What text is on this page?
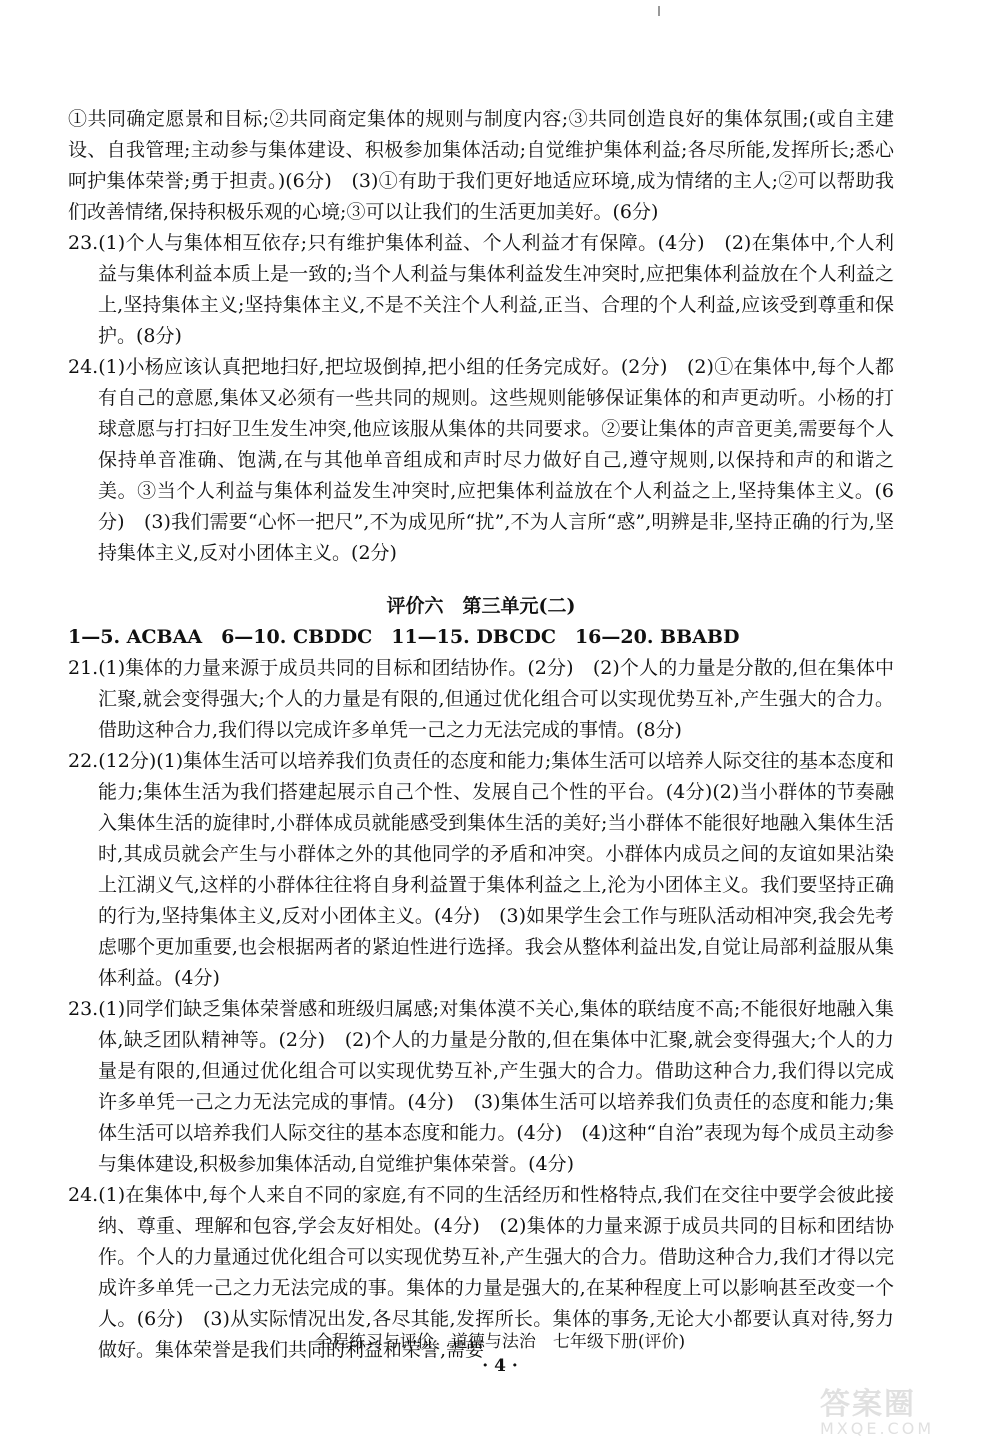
①共同确定愿景和目标;②共同商定集体的规则与制度内容;③共同创造良好的集体氛围;(或自主建设、自我管理;主动参与集体建设、积极参加集体活动;自觉维护集体利益;各尽所能,发挥所长;悉心呵护集体荣誉;勇于担责。)(6分)　(3)①有助于我们更好地适应环境,成为情绪的主人;②可以帮助我们改善情绪,保持积极乐观的心境;③可以让我们的生活更加美好。(6分)

23.(1)个人与集体相互依存;只有维护集体利益、个人利益才有保障。(4分)　(2)在集体中,个人利益与集体利益本质上是一致的;当个人利益与集体利益发生冲突时,应把集体利益放在个人利益之上,坚持集体主义;坚持集体主义,不是不关注个人利益,正当、合理的个人利益,应该受到尊重和保护。(8分)

24.(1)小杨应该认真把地扫好,把垃圾倒掉,把小组的任务完成好。(2分)　(2)①在集体中,每个人都有自己的意愿,集体又必须有一些共同的规则。这些规则能够保证集体的和声更动听。小杨的打球意愿与打扫好卫生发生冲突,他应该服从集体的共同要求。②要让集体的声音更美,需要每个人保持单音准确、饱满,在与其他单音组成和声时尽力做好自己,遵守规则,以保持和声的和谐之美。③当个人利益与集体利益发生冲突时,应把集体利益放在个人利益之上,坚持集体主义。(6分)　(3)我们需要“心怀一把尺”,不为成见所“扰”,不为人言所“惑”,明辨是非,坚持正确的行为,坚持集体主义,反对小团体主义。(2分)

评价六　第三单元(二)

1—5. ACBAA　6—10. CBDDC　11—15. DBCDC　16—20. BBABD

21.(1)集体的力量来源于成员共同的目标和团结协作。(2分)　(2)个人的力量是分散的,但在集体中汇聚,就会变得强大;个人的力量是有限的,但通过优化组合可以实现优势互补,产生强大的合力。借助这种合力,我们得以完成许多单凭一己之力无法完成的事情。(8分)

22.(12分)(1)集体生活可以培养我们负责任的态度和能力;集体生活可以培养人际交往的基本态度和能力;集体生活为我们搭建起展示自己个性、发展自己个性的平台。(4分)(2)当小群体的节奏融入集体生活的旋律时,小群体成员就能感受到集体生活的美好;当小群体不能很好地融入集体生活时,其成员就会产生与小群体之外的其他同学的矛盾和冲突。小群体内成员之间的友谊如果沾染上江湖义气,这样的小群体往往将自身利益置于集体利益之上,沦为小团体主义。我们要坚持正确的行为,坚持集体主义,反对小团体主义。(4分)　(3)如果学生会工作与班队活动相冲突,我会先考虑哪个更加重要,也会根据两者的紧迫性进行选择。我会从整体利益出发,自觉让局部利益服从集体利益。(4分)

23.(1)同学们缺乏集体荣誉感和班级归属感;对集体漠不关心,集体的联结度不高;不能很好地融入集体,缺乏团队精神等。(2分)　(2)个人的力量是分散的,但在集体中汇聚,就会变得强大;个人的力量是有限的,但通过优化组合可以实现优势互补,产生强大的合力。借助这种合力,我们得以完成许多单凭一己之力无法完成的事情。(4分)　(3)集体生活可以培养我们负责任的态度和能力;集体生活可以培养我们人际交往的基本态度和能力。(4分)　(4)这种“自治”表现为每个成员主动参与集体建设,积极参加集体活动,自觉维护集体荣誉。(4分)

24.(1)在集体中,每个人来自不同的家庭,有不同的生活经历和性格特点,我们在交往中要学会彼此接纳、尊重、理解和包容,学会友好相处。(4分)　(2)集体的力量来源于成员共同的目标和团结协作。个人的力量通过优化组合可以实现优势互补,产生强大的合力。借助这种合力,我们才得以完成许多单凭一己之力无法完成的事。集体的力量是强大的,在某种程度上可以影响甚至改变一个人。(6分)　(3)从实际情况出发,各尽其能,发挥所长。集体的事务,无论大小都要认真对待,努力做好。集体荣誉是我们共同的利益和荣誉,需要

全程练习与评价　道德与法治　七年级下册(评价)
· 4 ·
答案圈
MXQE.COM
